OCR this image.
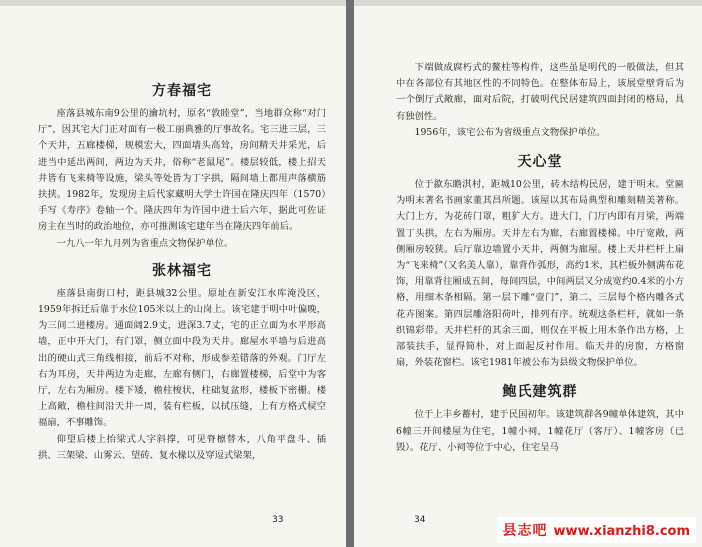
方春福宅

座落县城东南9公里的瀹坑村，原名“敦睦堂”，当地群众称“对门厅”，因其宅大门正对面有一极工丽典雅的厅事故名。宅三进三层，三个天井，五廊楼梯，规模宏大，四面墙头高耸，房间精天井采光，后进当中延出两间，两边为天井，俗称“老鼠尾”。楼层较低，楼上招天井皆有飞来椅等设施，梁头等处皆为丁字拱，隔间墙上都用声落横筋扶挟。1982年，发现房主后代家藏明大学士许国在隆庆四年（1570）手写《寿序》卷轴一个。隆庆四年为许国中进士后六年，据此可佐证房主在当时的政治地位，亦可推测该宅建年当在隆庆四年前后。

一九八一年九月列为省重点文物保护单位。

张林福宅

座落县南街口村，距县城32公里。原址在新安江水库淹没区，1959年拆迁后靠于水位105米以上的山岗上。该宅建于明中叶偏晚，为三间二进楼房。通面阔2.9丈，进深3.7丈，宅的正立面为水平形高墙，正中开大门，有门罩，侧立面中段为天井。廊屋水平墙与后进高出的硬山式三角线相接，前后不对称，形成参差错落的外观。门厅左右为耳房，天井两边为走廊，左廊有侧门，右廊置楼梯，后堂中为客厅，左右为厢房。楼下矮，檐柱梭状，柱础复盆形，楼板下密栅。楼上高敞，檐柱间沿天井一周，装有栏板，以拭压缝，上有方格式棂空福扇，不事雕饰。

仰望后楼上抬梁式人字斜撑，可见脊檩替木，八角平盘斗、插拱、三架梁、山雾云、望砖、复水椽以及穿逗式梁架，

33

下端做成腐朽式的鳌柱等构件，这些虽是明代的一般做法，但其中在各部位有其地区性的不同特色。在整体布局上，该展堂壁背后为一个倒厅式敞廊，面对后院，打破明代民居建筑四面封闭的格局，具有独创性。

1956年，该宅公布为省级重点文物保护单位。

天心堂

位于歙东瞻淇村，距城10公里，砖木结构民居，建于明末。堂匾为明末著名书画家董其昌所题。该屋以其布局典型和雕刻精美著称。大门上方，为花砖门罩，粗犷大方。进大门，门厅内即有月梁，两端置丁头拱，左右为厢房。天井左右为廊，右廊置楼梯。中厅宽敞，两侧厢房较狭。后厅靠边墙置小天井，两侧为廊屋。楼上天井栏杆上扇为“飞来椅”（又名美人靠），靠背作弧形，高约1米，其栏板外侧满布花饰，用靠背往厢成五间，每间四层，中间两层又分成宽约0.4米的小方格，用细木条相隔。第一层下雕“壸门”，第二、三层每个格内雕各式花卉图案。第四层雕洛阳荷叶，排列有序。统观这条栏杆，就如一条织锦彩带。天井栏杆的其余三面，则仅在平板上用木条作出方格，上部装扶手，显得简朴，对上面起反衬作用。临天井的房窗，方格窗扇，外装花窗栏。该宅1981年被公布为县级文物保护单位。

鲍氏建筑群

位于上丰乡蓄村，建于民国初年。该建筑群各9幢单体建筑，其中6幢三开间楼屋为住宅，1幢小祠，1幢花厅（客厅）、1幢客房（已毁）。花厅、小祠等位于中心，住宅呈马

34
县志吧 www.xianzhi8.com
